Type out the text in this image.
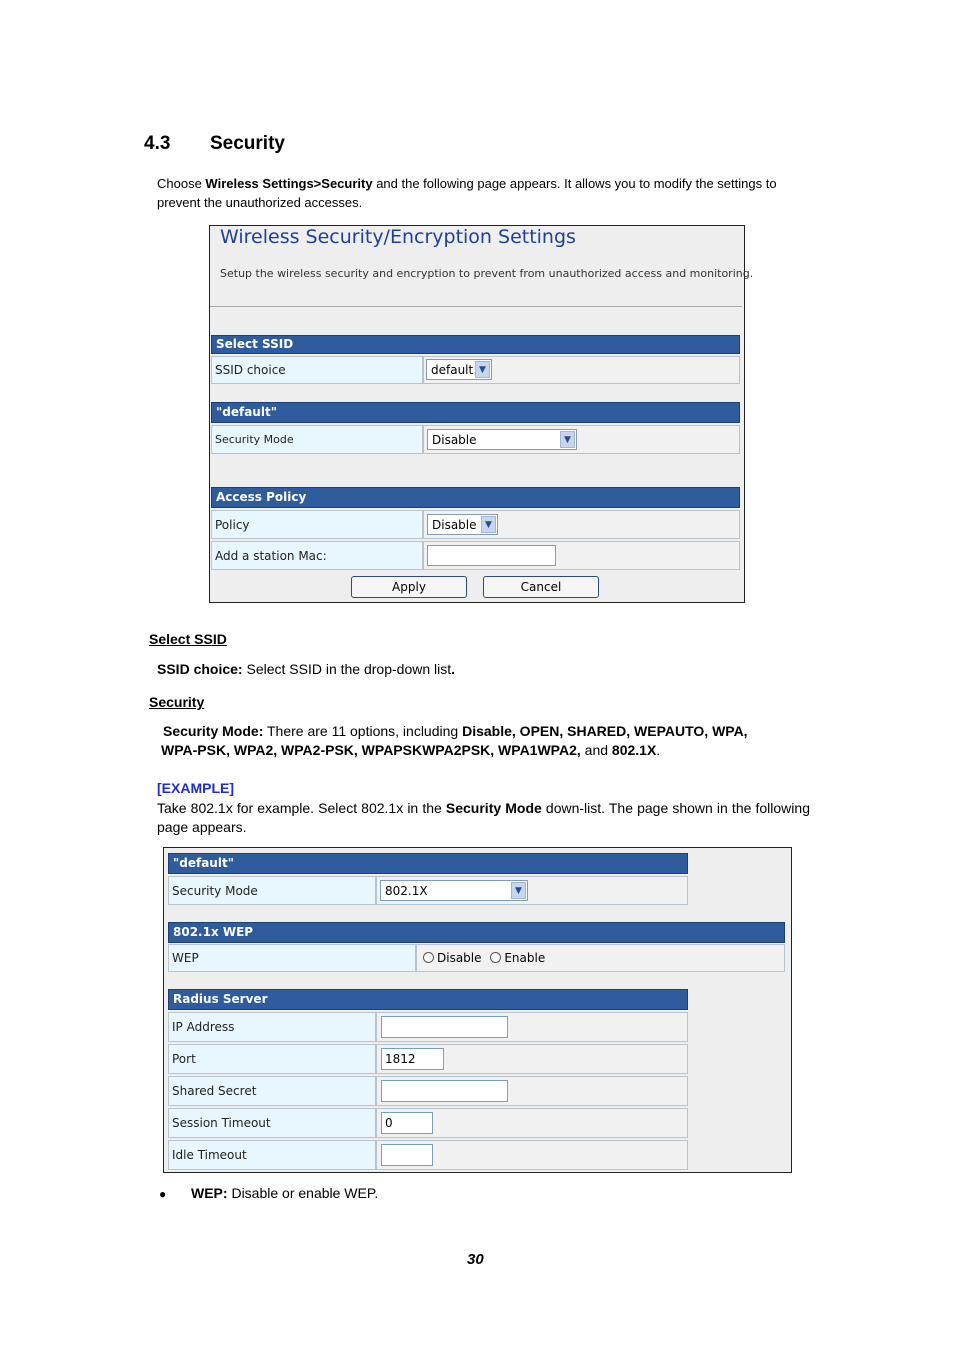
4.3 Security
Choose Wireless Settings>Security and the following page appears. It allows you to modify the settings to prevent the unauthorized accesses.
Wireless Security/Encryption Settings
Setup the wireless security and encryption to prevent from unauthorized access and monitoring.
Select SSID
SSID choice	default ▼
"default"
Security Mode	Disable	▼
Access Policy
Policy	Disable ▼
Add a station Mac:
Apply	Cancel
Select SSID
SSID choice: Select SSID in the drop-down list.
Security
Security Mode: There are 11 options, including Disable, OPEN, SHARED, WEPAUTO, WPA,
WPA-PSK, WPA2, WPA2-PSK, WPAPSKWPA2PSK, WPA1WPA2, and 802.1X.
[EXAMPLE]
Take 802.1x for example. Select 802.1x in the Security Mode down-list. The page shown in the following page appears.
"default"
Security Mode	802.1X	▼
802.1x WEP
WEP	Disable Enable
Radius Server
IP Address
Port	1812
Shared Secret
Session Timeout	0
Idle Timeout
● WEP: Disable or enable WEP.
30
